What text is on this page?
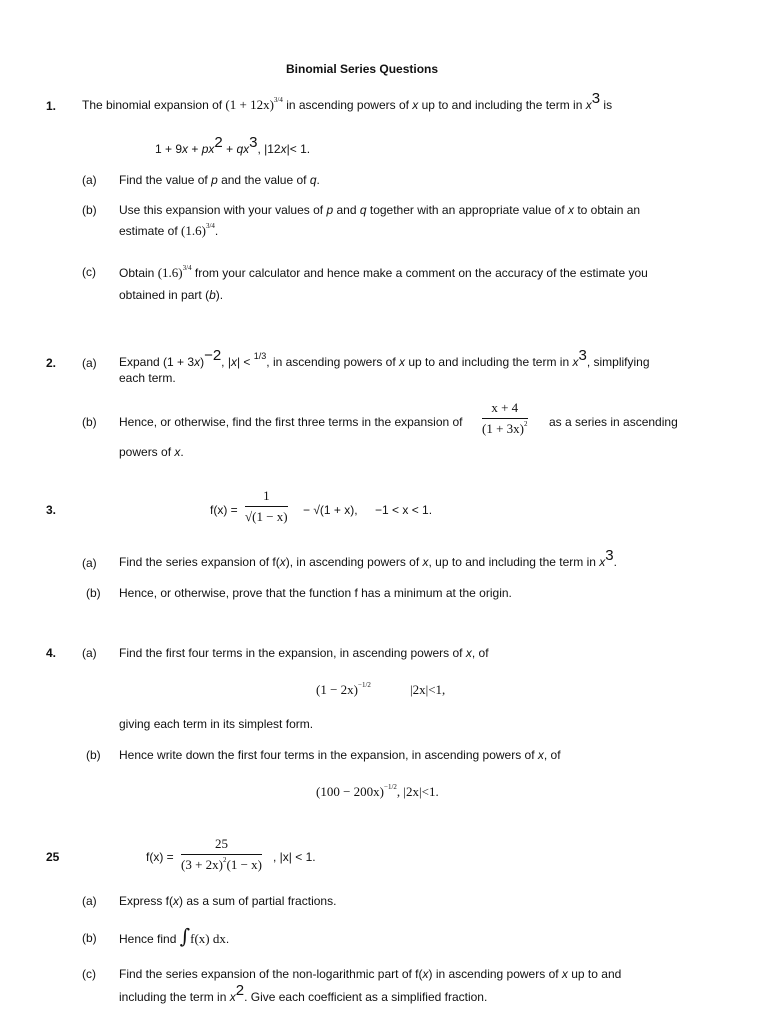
Binomial Series Questions
1. The binomial expansion of $(1 + 12x)^{3/4}$ in ascending powers of x up to and including the term in $x^3$ is
$1 + 9x + px^2 + qx^3$, |12x|< 1.
(a) Find the value of p and the value of q.
(b) Use this expansion with your values of p and q together with an appropriate value of x to obtain an
estimate of $(1.6)^{3/4}$.
(c) Obtain $(1.6)^{3/4}$ from your calculator and hence make a comment on the accuracy of the estimate you
obtained in part (b).
2. (a) Expand $(1 + 3x)^{-2}$, |x| < $^{1/3}$, in ascending powers of x up to and including the term in $x^3$, simplifying
each term.
(b) Hence, or otherwise, find the first three terms in the expansion of $\frac{x + 4}{(1 + 3x)^2}$ as a series in ascending
powers of x.
3.	$f(x) = \frac{1}{√(1 - x)} - √(1 + x)$, −1 < x < 1.
(a) Find the series expansion of f(x), in ascending powers of x, up to and including the term in $x^3$.
(b) Hence, or otherwise, prove that the function f has a minimum at the origin.
4. (a) Find the first four terms in the expansion, in ascending powers of x, of
$(1 - 2x)^{-1/2}$	|2x|<1,
giving each term in its simplest form.
(b) Hence write down the first four terms in the expansion, in ascending powers of x, of
$(100 - 200x)^{-1/2}$, |2x|<1.
25	$f(x) = \frac{25}{(3 + 2x)^2(1 - x)}$ , |x| < 1.
(a) Express f(x) as a sum of partial fractions.
(b) Hence find ∫f(x) dx.
(c) Find the series expansion of the non-logarithmic part of f(x) in ascending powers of x up to and
including the term in $x^2$. Give each coefficient as a simplified fraction.
